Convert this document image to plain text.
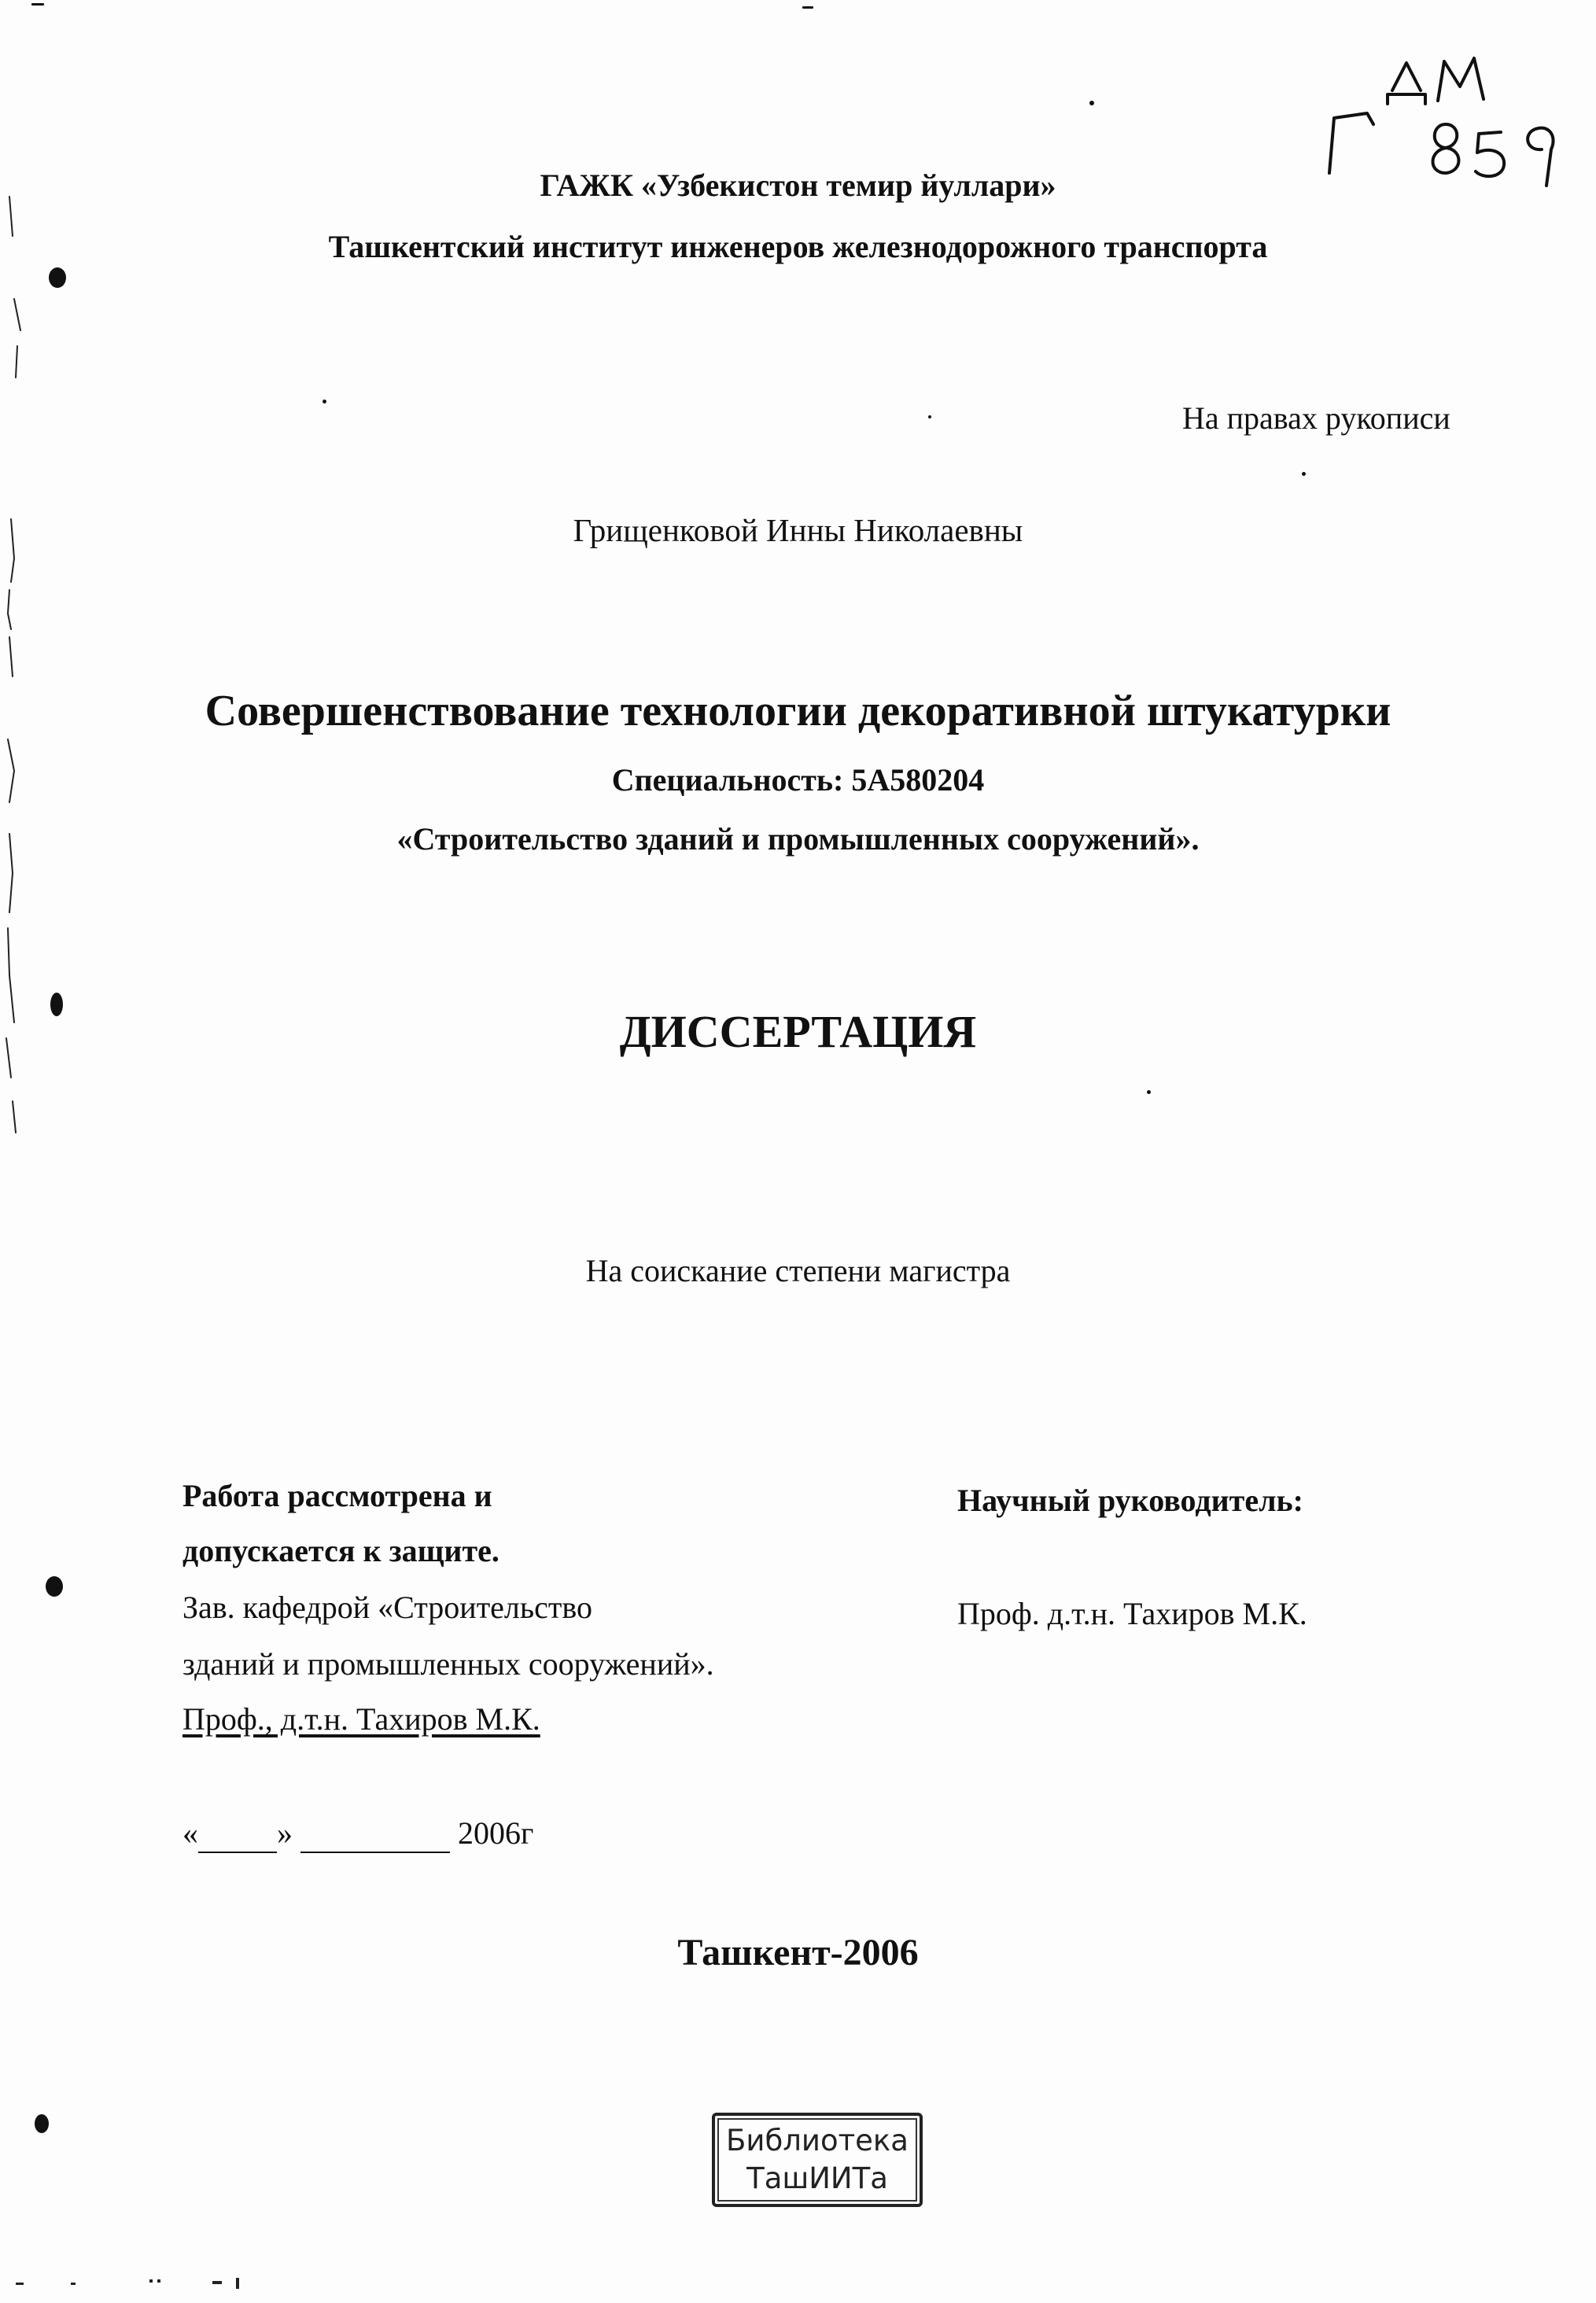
ГАЖК «Узбекистон темир йуллари»
Ташкентский институт инженеров железнодорожного транспорта
На правах рукописи
Грищенковой Инны Николаевны
Совершенствование технологии декоративной штукатурки
Специальность: 5А580204
«Строительство зданий и промышленных сооружений».
ДИССЕРТАЦИЯ
На соискание степени магистра
Работа рассмотрена и
допускается к защите.
Зав. кафедрой «Строительство
зданий и промышленных сооружений».
Проф., д.т.н. Тахиров М.К.
Научный руководитель:
Проф. д.т.н. Тахиров М.К.
«	»	2006г
Ташкент-2006
Библиотека
ТашИИТа
